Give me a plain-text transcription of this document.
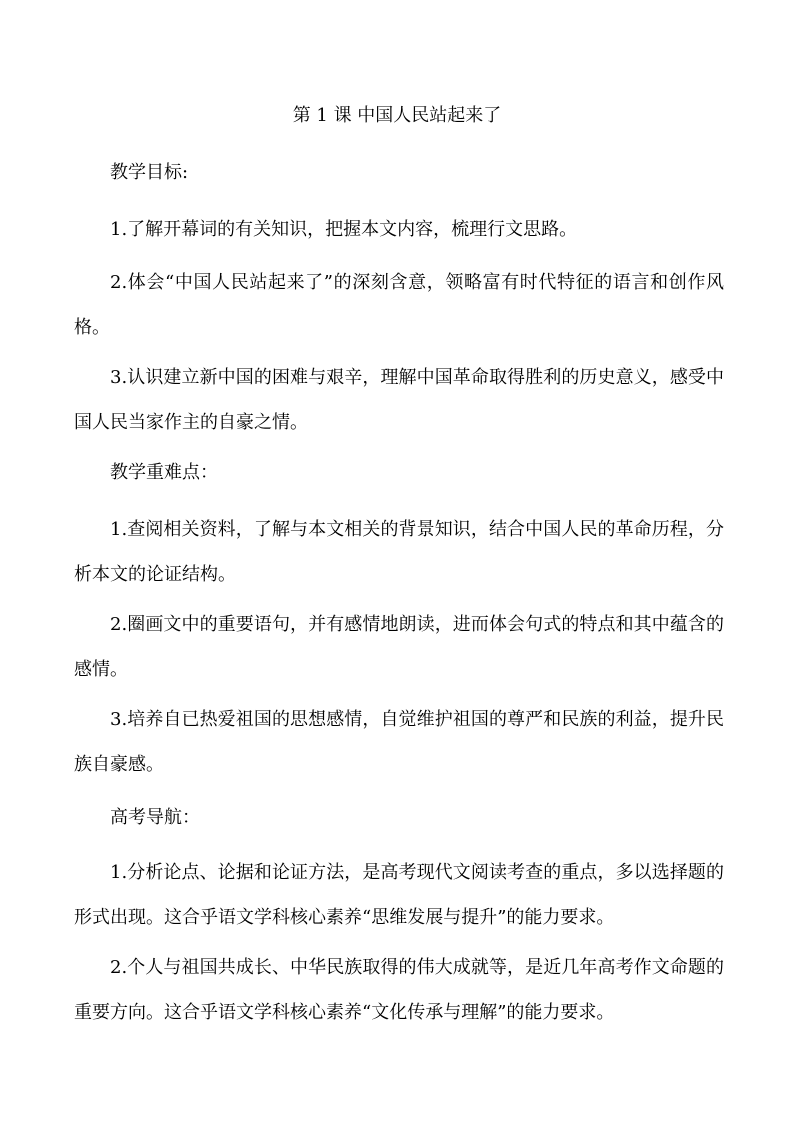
第 1 课 中国人民站起来了
教学目标:
1.了解开幕词的有关知识，把握本文内容，梳理行文思路。
2.体会“中国人民站起来了”的深刻含意，领略富有时代特征的语言和创作风格。
3.认识建立新中国的困难与艰辛，理解中国革命取得胜利的历史意义，感受中国人民当家作主的自豪之情。
教学重难点：
1.查阅相关资料，了解与本文相关的背景知识，结合中国人民的革命历程，分析本文的论证结构。
2.圈画文中的重要语句，并有感情地朗读，进而体会句式的特点和其中蕴含的感情。
3.培养自已热爱祖国的思想感情，自觉维护祖国的尊严和民族的利益，提升民族自豪感。
高考导航：
1.分析论点、论据和论证方法，是高考现代文阅读考查的重点，多以选择题的形式出现。这合乎语文学科核心素养“思维发展与提升”的能力要求。
2.个人与祖国共成长、中华民族取得的伟大成就等，是近几年高考作文命题的重要方向。这合乎语文学科核心素养“文化传承与理解”的能力要求。
